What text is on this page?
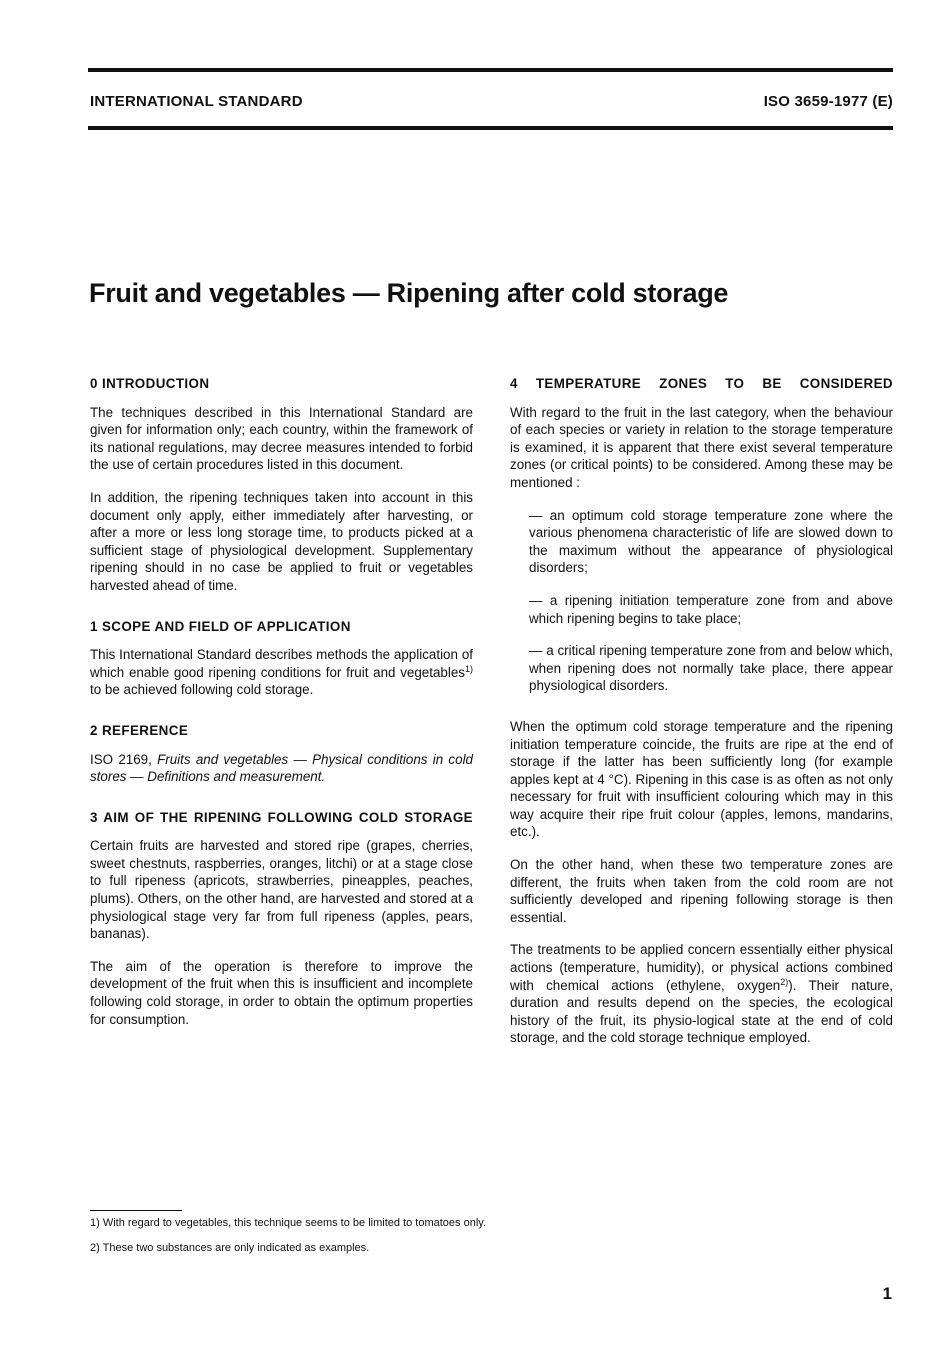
INTERNATIONAL STANDARD	ISO 3659-1977 (E)
Fruit and vegetables — Ripening after cold storage
0 INTRODUCTION

The techniques described in this International Standard are given for information only; each country, within the framework of its national regulations, may decree measures intended to forbid the use of certain procedures listed in this document.

In addition, the ripening techniques taken into account in this document only apply, either immediately after harvesting, or after a more or less long storage time, to products picked at a sufficient stage of physiological development. Supplementary ripening should in no case be applied to fruit or vegetables harvested ahead of time.

1 SCOPE AND FIELD OF APPLICATION

This International Standard describes methods the application of which enable good ripening conditions for fruit and vegetables$^{1)}$ to be achieved following cold storage.

2 REFERENCE

ISO 2169, Fruits and vegetables — Physical conditions in cold stores — Definitions and measurement.

3 AIM OF THE RIPENING FOLLOWING COLD STORAGE

Certain fruits are harvested and stored ripe (grapes, cherries, sweet chestnuts, raspberries, oranges, litchi) or at a stage close to full ripeness (apricots, strawberries, pineapples, peaches, plums). Others, on the other hand, are harvested and stored at a physiological stage very far from full ripeness (apples, pears, bananas).

The aim of the operation is therefore to improve the development of the fruit when this is insufficient and incomplete following cold storage, in order to obtain the optimum properties for consumption.

4 TEMPERATURE ZONES TO BE CONSIDERED

With regard to the fruit in the last category, when the behaviour of each species or variety in relation to the storage temperature is examined, it is apparent that there exist several temperature zones (or critical points) to be considered. Among these may be mentioned :

— an optimum cold storage temperature zone where the various phenomena characteristic of life are slowed down to the maximum without the appearance of physiological disorders;

— a ripening initiation temperature zone from and above which ripening begins to take place;

— a critical ripening temperature zone from and below which, when ripening does not normally take place, there appear physiological disorders.

When the optimum cold storage temperature and the ripening initiation temperature coincide, the fruits are ripe at the end of storage if the latter has been sufficiently long (for example apples kept at 4 °C). Ripening in this case is as often as not only necessary for fruit with insufficient colouring which may in this way acquire their ripe fruit colour (apples, lemons, mandarins, etc.).

On the other hand, when these two temperature zones are different, the fruits when taken from the cold room are not sufficiently developed and ripening following storage is then essential.

The treatments to be applied concern essentially either physical actions (temperature, humidity), or physical actions combined with chemical actions (ethylene, oxygen$^{2)}$). Their nature, duration and results depend on the species, the ecological history of the fruit, its physio-logical state at the end of cold storage, and the cold storage technique employed.

1) With regard to vegetables, this technique seems to be limited to tomatoes only.
2) These two substances are only indicated as examples.
1
